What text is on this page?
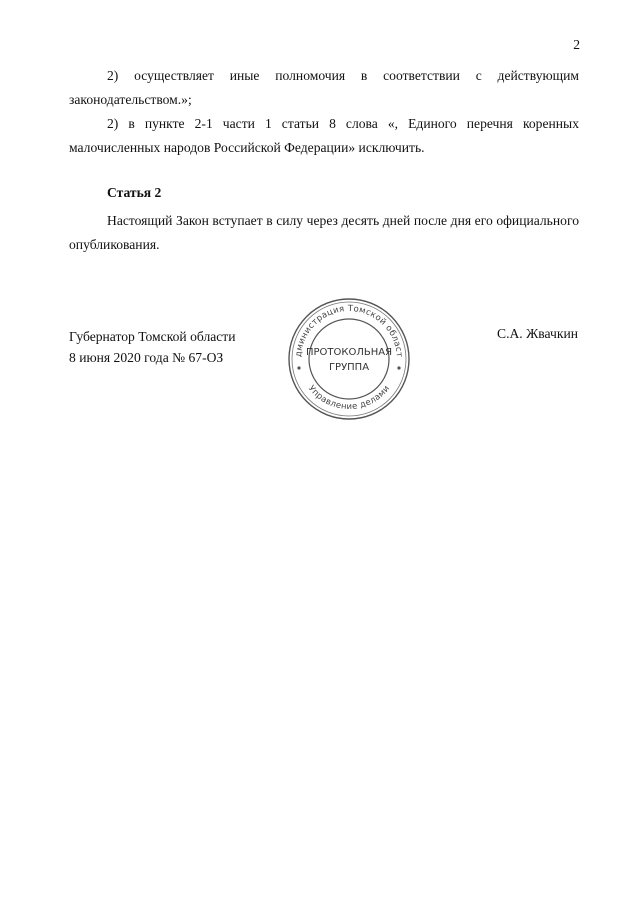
2

2) осуществляет иные полномочия в соответствии с действующим законодательством.»;

2) в пункте 2-1 части 1 статьи 8 слова «, Единого перечня коренных малочисленных народов Российской Федерации» исключить.

Статья 2

Настоящий Закон вступает в силу через десять дней после дня его официального опубликования.

Губернатор Томской области
8 июня 2020 года № 67-ОЗ
С.А. Жвачкин
дминистрация Томской област
Управление делами
ПРОТОКОЛЬНАЯ
ГРУППА
